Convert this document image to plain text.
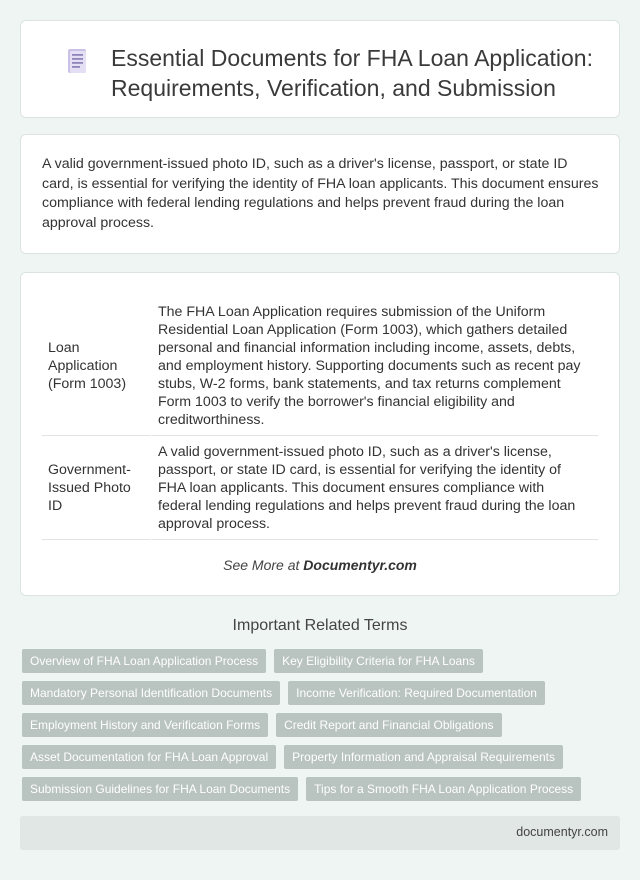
Essential Documents for FHA Loan Application:
Requirements, Verification, and Submission

A valid government-issued photo ID, such as a driver's license, passport, or state ID card, is essential for verifying the identity of FHA loan applicants. This document ensures compliance with federal lending regulations and helps prevent fraud during the loan approval process.

Loan Application (Form 1003)	The FHA Loan Application requires submission of the Uniform Residential Loan Application (Form 1003), which gathers detailed personal and financial information including income, assets, debts, and employment history. Supporting documents such as recent pay stubs, W-2 forms, bank statements, and tax returns complement Form 1003 to verify the borrower's financial eligibility and creditworthiness.
Government-Issued Photo ID	A valid government-issued photo ID, such as a driver's license, passport, or state ID card, is essential for verifying the identity of FHA loan applicants. This document ensures compliance with federal lending regulations and helps prevent fraud during the loan approval process.
See More at Documentyr.com
Important Related Terms
Overview of FHA Loan Application Process	Key Eligibility Criteria for FHA Loans
Mandatory Personal Identification Documents	Income Verification: Required Documentation
Employment History and Verification Forms	Credit Report and Financial Obligations
Asset Documentation for FHA Loan Approval	Property Information and Appraisal Requirements
Submission Guidelines for FHA Loan Documents	Tips for a Smooth FHA Loan Application Process
documentyr.com
